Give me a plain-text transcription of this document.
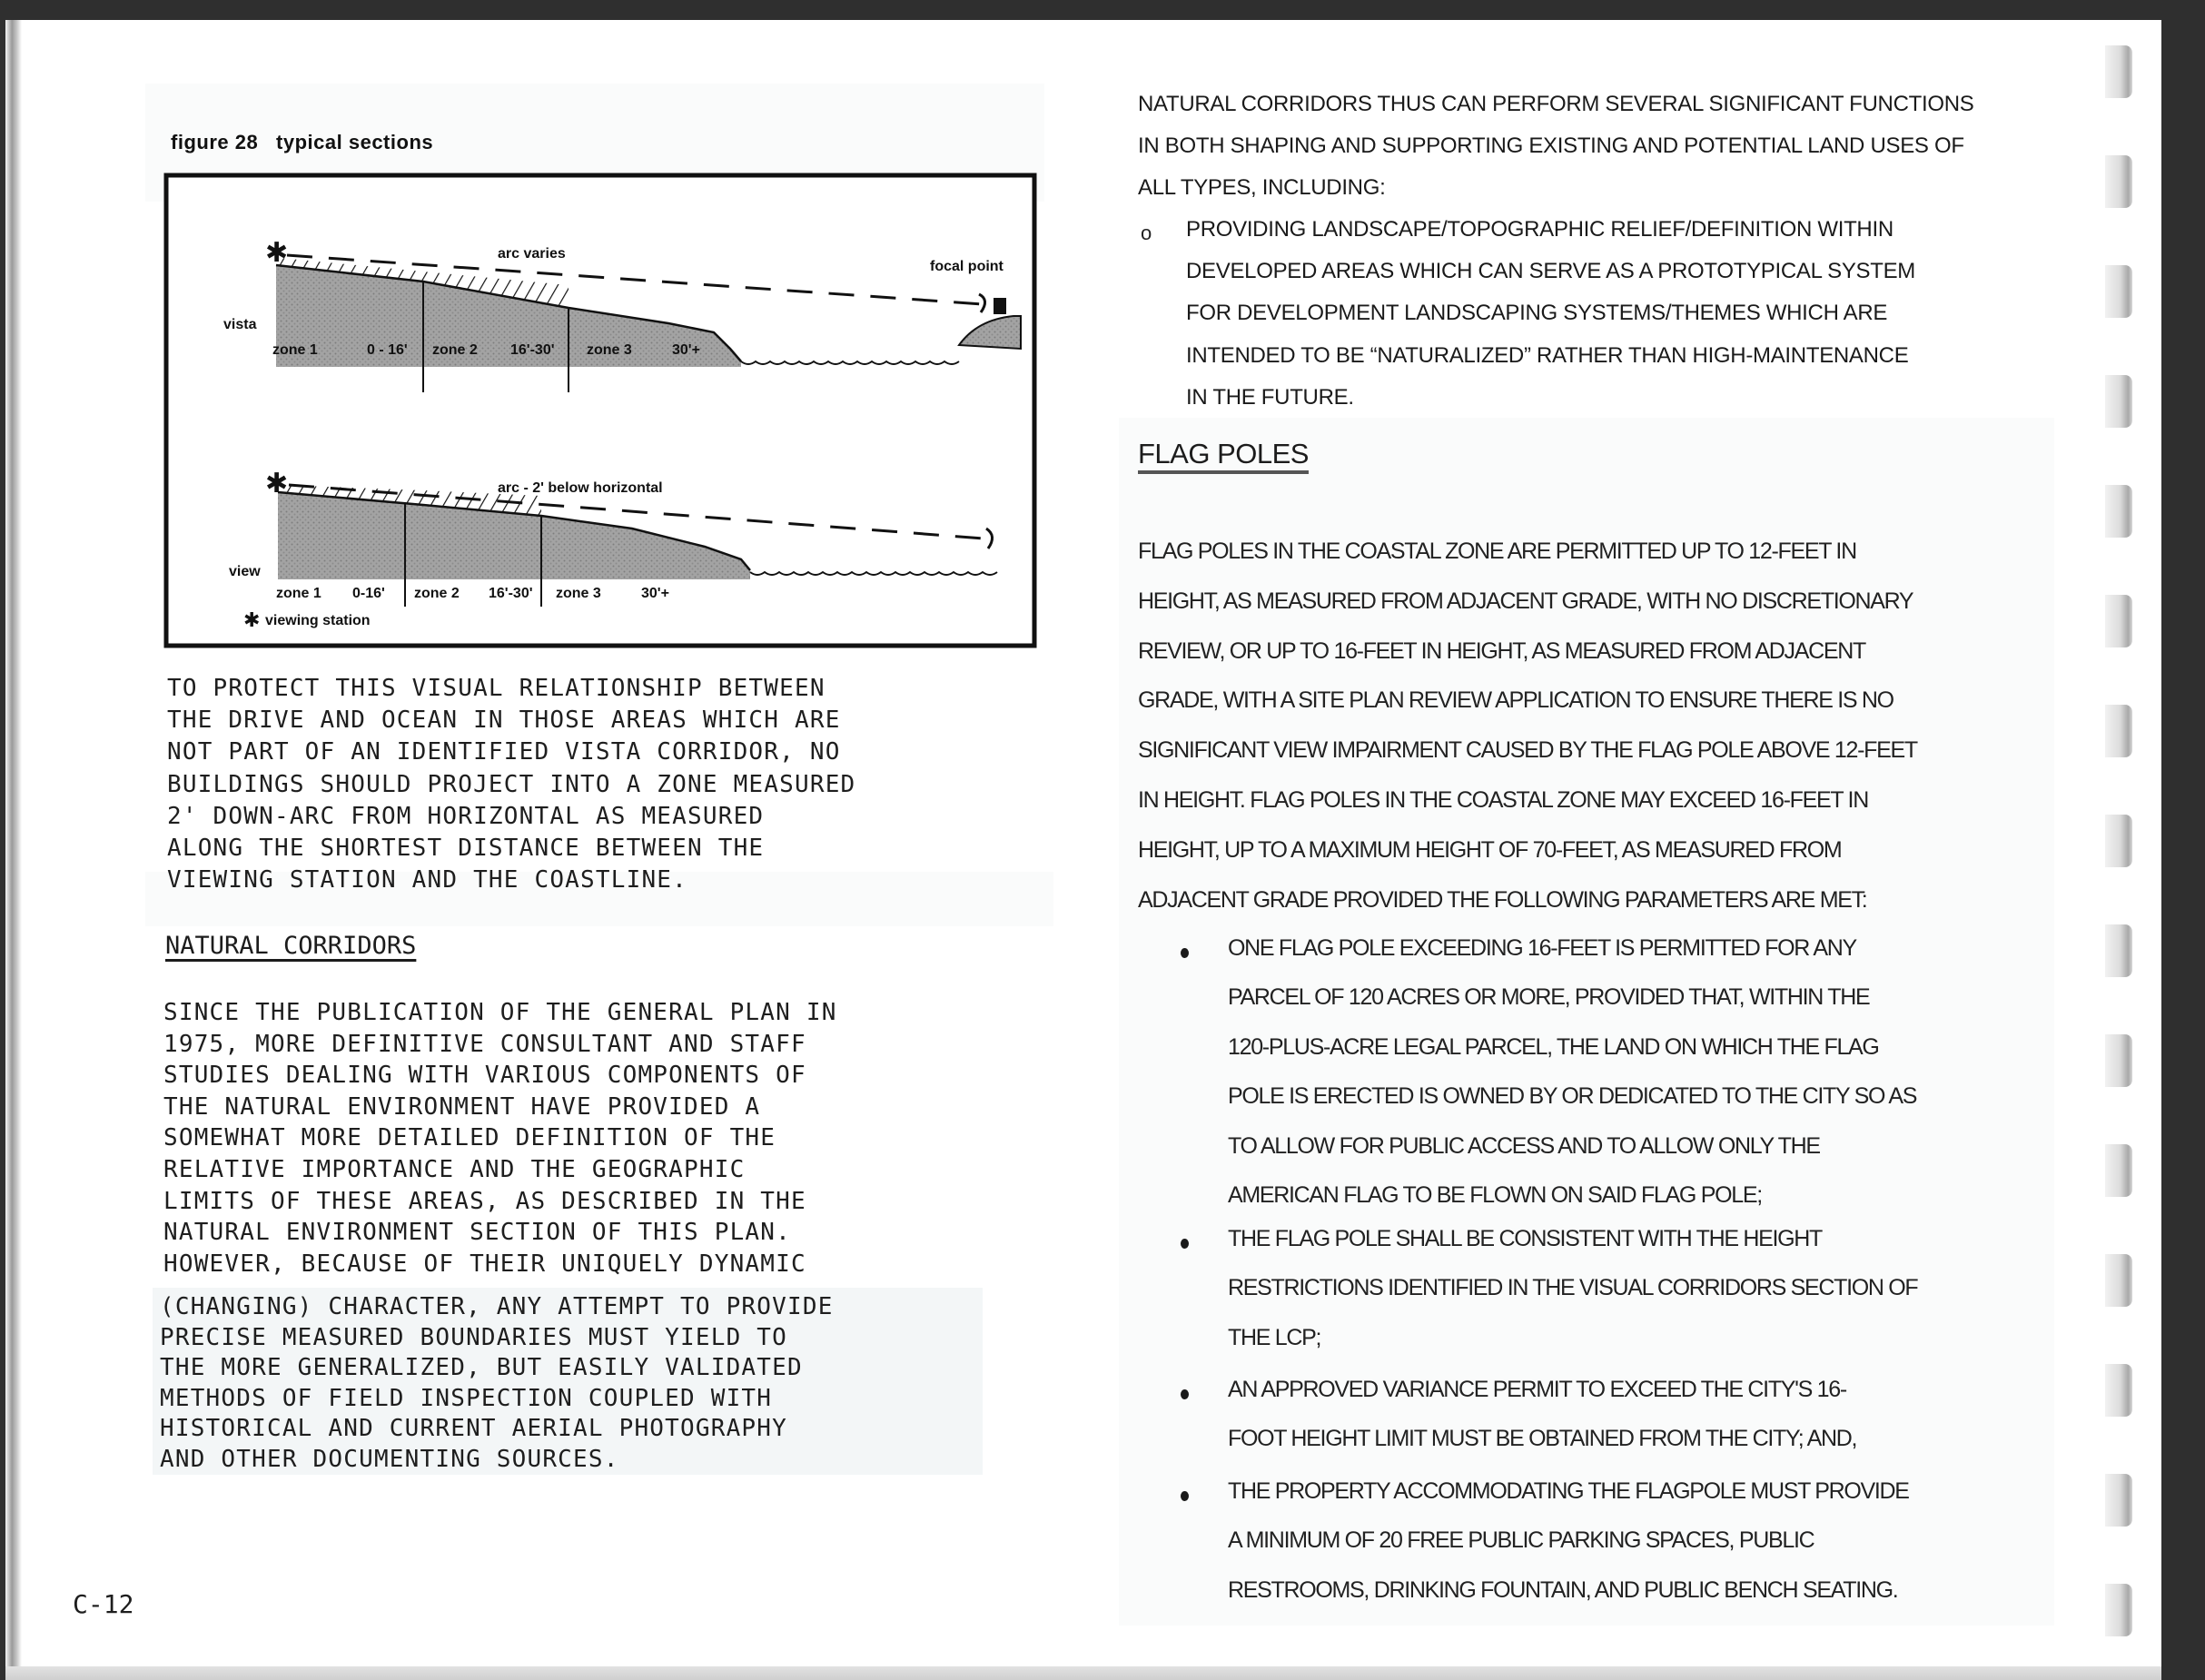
figure 28 typical sections
✱	arc varies
focal point
vista
zone 1	0 - 16' zone 2 16'-30' zone 3	30'+
✱	arc - 2' below horizontal
view
zone 1 0-16' zone 2 16'-30' zone 3	30'+
✱ viewing station
TO PROTECT THIS VISUAL RELATIONSHIP BETWEEN
THE DRIVE AND OCEAN IN THOSE AREAS WHICH ARE
NOT PART OF AN IDENTIFIED VISTA CORRIDOR, NO
BUILDINGS SHOULD PROJECT INTO A ZONE MEASURED
2' DOWN-ARC FROM HORIZONTAL AS MEASURED
ALONG THE SHORTEST DISTANCE BETWEEN THE
VIEWING STATION AND THE COASTLINE.
NATURAL CORRIDORS
SINCE THE PUBLICATION OF THE GENERAL PLAN IN
1975, MORE DEFINITIVE CONSULTANT AND STAFF
STUDIES DEALING WITH VARIOUS COMPONENTS OF
THE NATURAL ENVIRONMENT HAVE PROVIDED A
SOMEWHAT MORE DETAILED DEFINITION OF THE
RELATIVE IMPORTANCE AND THE GEOGRAPHIC
LIMITS OF THESE AREAS, AS DESCRIBED IN THE
NATURAL ENVIRONMENT SECTION OF THIS PLAN.
HOWEVER, BECAUSE OF THEIR UNIQUELY DYNAMIC
(CHANGING) CHARACTER, ANY ATTEMPT TO PROVIDE
PRECISE MEASURED BOUNDARIES MUST YIELD TO
THE MORE GENERALIZED, BUT EASILY VALIDATED
METHODS OF FIELD INSPECTION COUPLED WITH
HISTORICAL AND CURRENT AERIAL PHOTOGRAPHY
AND OTHER DOCUMENTING SOURCES.
C-12
NATURAL CORRIDORS THUS CAN PERFORM SEVERAL SIGNIFICANT FUNCTIONS
IN BOTH SHAPING AND SUPPORTING EXISTING AND POTENTIAL LAND USES OF
ALL TYPES, INCLUDING:
o PROVIDING LANDSCAPE/TOPOGRAPHIC RELIEF/DEFINITION WITHIN
DEVELOPED AREAS WHICH CAN SERVE AS A PROTOTYPICAL SYSTEM
FOR DEVELOPMENT LANDSCAPING SYSTEMS/THEMES WHICH ARE
INTENDED TO BE “NATURALIZED” RATHER THAN HIGH-MAINTENANCE
IN THE FUTURE.
FLAG POLES
FLAG POLES IN THE COASTAL ZONE ARE PERMITTED UP TO 12-FEET IN
HEIGHT, AS MEASURED FROM ADJACENT GRADE, WITH NO DISCRETIONARY
REVIEW, OR UP TO 16-FEET IN HEIGHT, AS MEASURED FROM ADJACENT
GRADE, WITH A SITE PLAN REVIEW APPLICATION TO ENSURE THERE IS NO
SIGNIFICANT VIEW IMPAIRMENT CAUSED BY THE FLAG POLE ABOVE 12-FEET
IN HEIGHT. FLAG POLES IN THE COASTAL ZONE MAY EXCEED 16-FEET IN
HEIGHT, UP TO A MAXIMUM HEIGHT OF 70-FEET, AS MEASURED FROM
ADJACENT GRADE PROVIDED THE FOLLOWING PARAMETERS ARE MET:
ONE FLAG POLE EXCEEDING 16-FEET IS PERMITTED FOR ANY
PARCEL OF 120 ACRES OR MORE, PROVIDED THAT, WITHIN THE
120-PLUS-ACRE LEGAL PARCEL, THE LAND ON WHICH THE FLAG
POLE IS ERECTED IS OWNED BY OR DEDICATED TO THE CITY SO AS
TO ALLOW FOR PUBLIC ACCESS AND TO ALLOW ONLY THE
AMERICAN FLAG TO BE FLOWN ON SAID FLAG POLE;
THE FLAG POLE SHALL BE CONSISTENT WITH THE HEIGHT
RESTRICTIONS IDENTIFIED IN THE VISUAL CORRIDORS SECTION OF
THE LCP;
AN APPROVED VARIANCE PERMIT TO EXCEED THE CITY'S 16-
FOOT HEIGHT LIMIT MUST BE OBTAINED FROM THE CITY; AND,
THE PROPERTY ACCOMMODATING THE FLAGPOLE MUST PROVIDE
A MINIMUM OF 20 FREE PUBLIC PARKING SPACES, PUBLIC
RESTROOMS, DRINKING FOUNTAIN, AND PUBLIC BENCH SEATING.
